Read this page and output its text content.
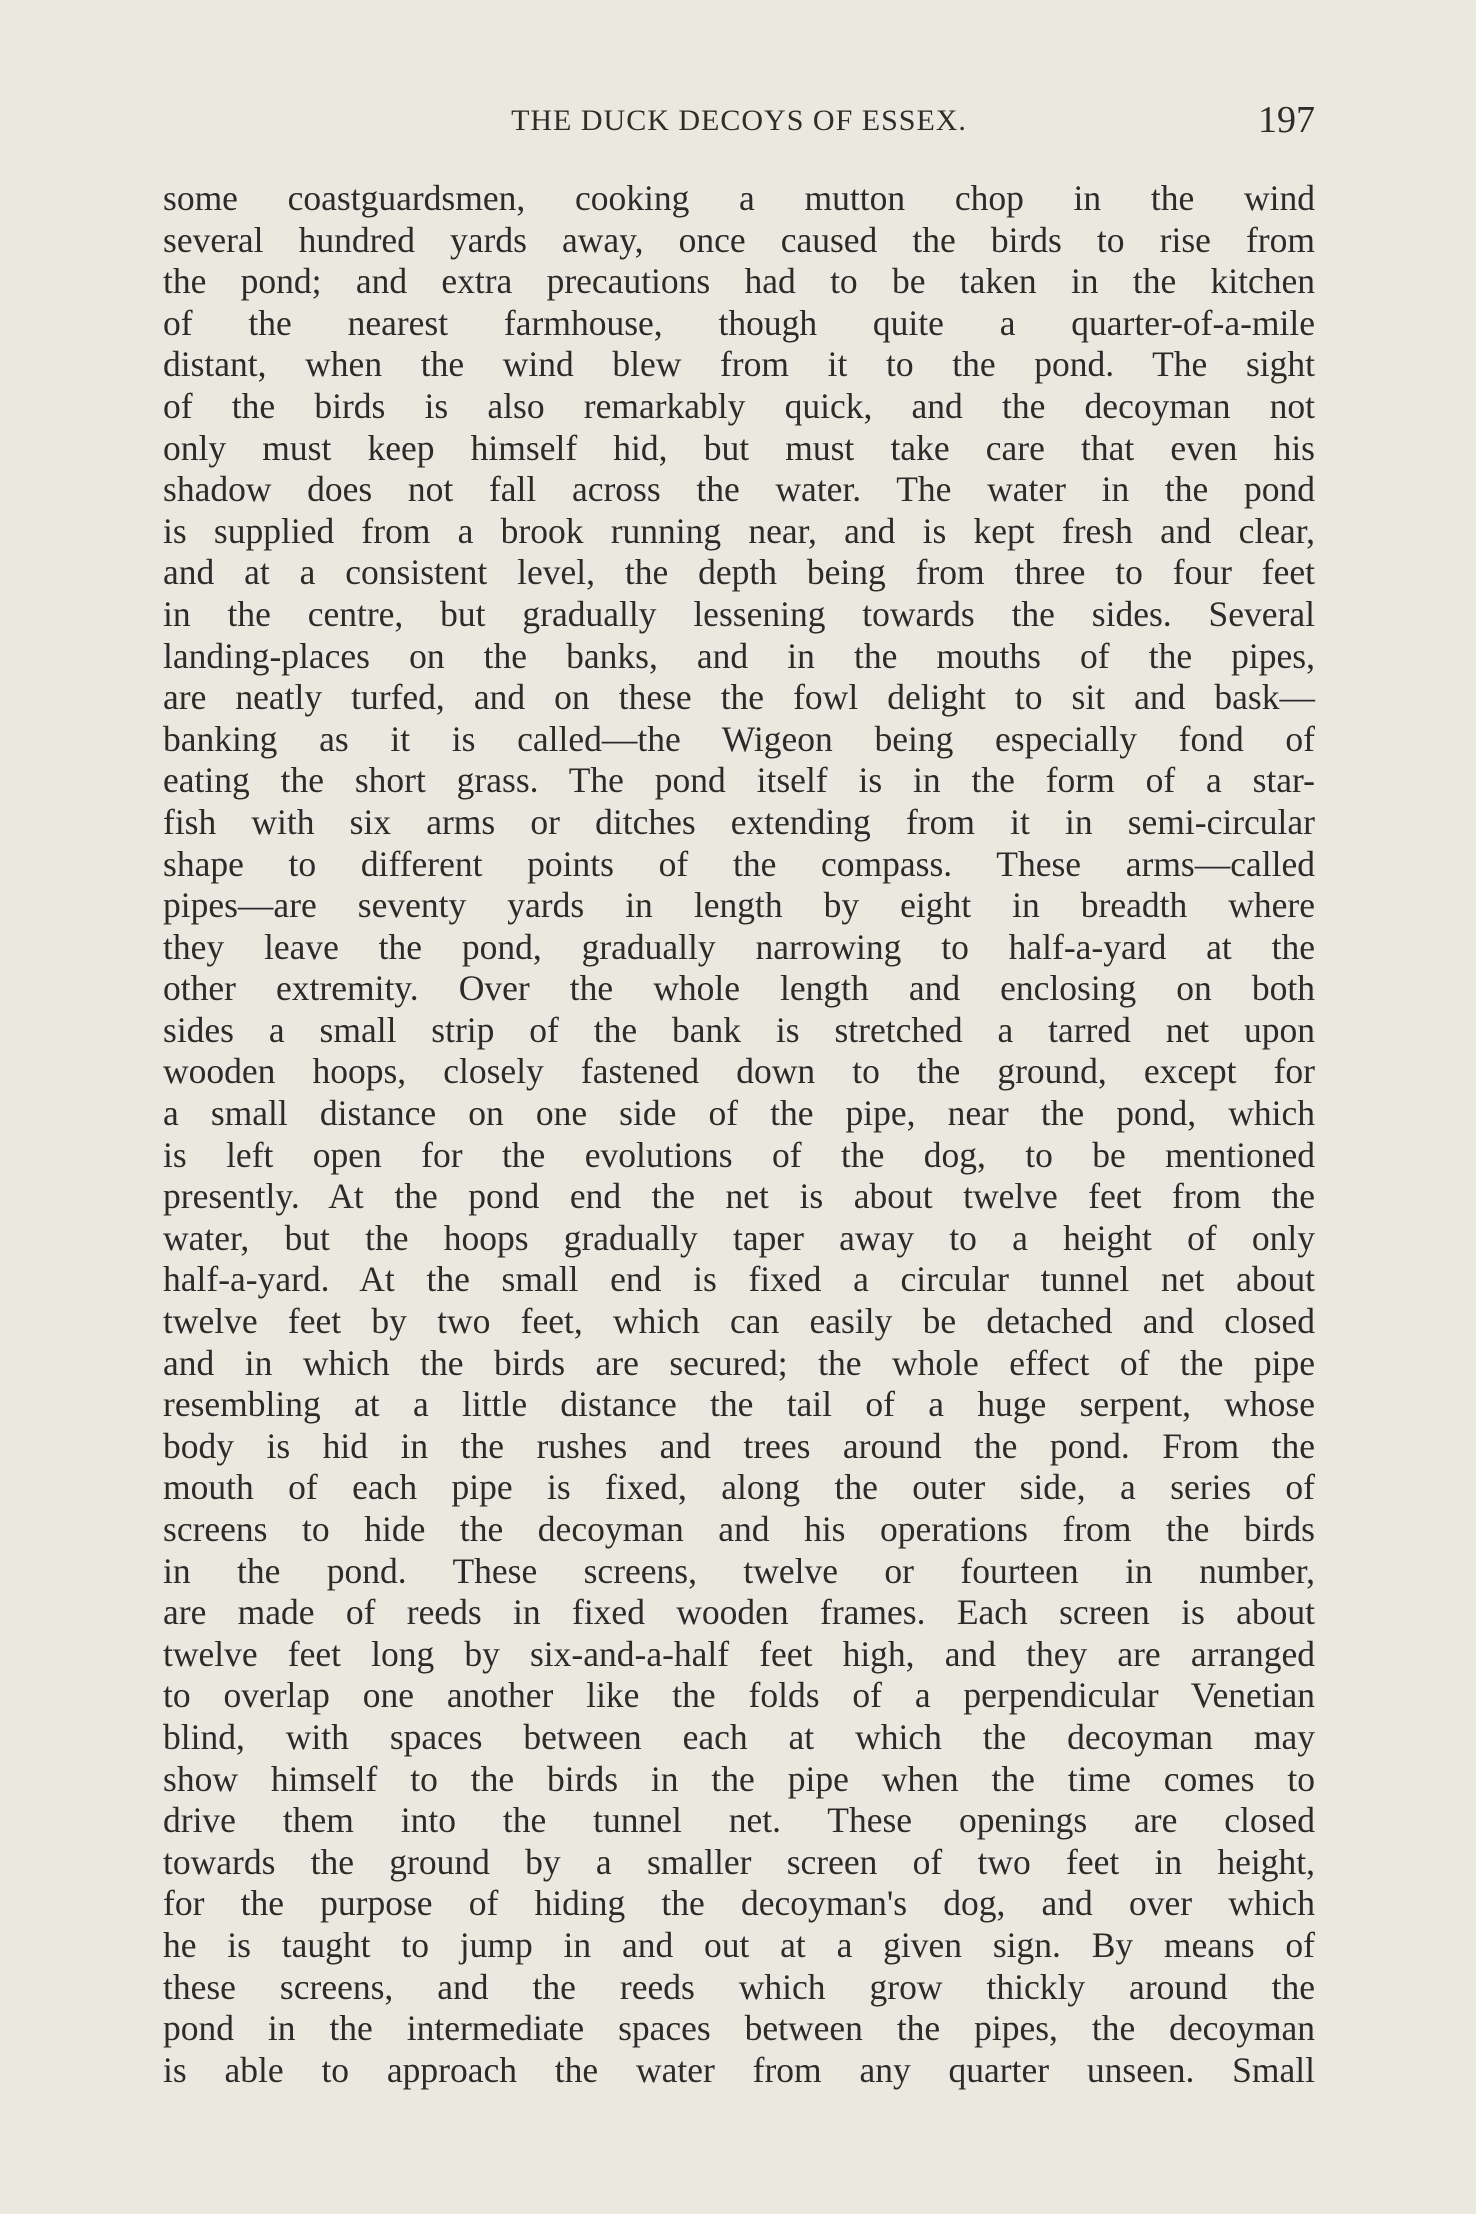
THE DUCK DECOYS OF ESSEX.	197
some coastguardsmen, cooking a mutton chop in the wind
several hundred yards away, once caused the birds to rise from
the pond; and extra precautions had to be taken in the kitchen
of the nearest farmhouse, though quite a quarter-of-a-mile
distant, when the wind blew from it to the pond. The sight
of the birds is also remarkably quick, and the decoyman not
only must keep himself hid, but must take care that even his
shadow does not fall across the water. The water in the pond
is supplied from a brook running near, and is kept fresh and clear,
and at a consistent level, the depth being from three to four feet
in the centre, but gradually lessening towards the sides. Several
landing-places on the banks, and in the mouths of the pipes,
are neatly turfed, and on these the fowl delight to sit and bask—
banking as it is called—the Wigeon being especially fond of
eating the short grass. The pond itself is in the form of a star-
fish with six arms or ditches extending from it in semi-circular
shape to different points of the compass. These arms—called
pipes—are seventy yards in length by eight in breadth where
they leave the pond, gradually narrowing to half-a-yard at the
other extremity. Over the whole length and enclosing on both
sides a small strip of the bank is stretched a tarred net upon
wooden hoops, closely fastened down to the ground, except for
a small distance on one side of the pipe, near the pond, which
is left open for the evolutions of the dog, to be mentioned
presently. At the pond end the net is about twelve feet from the
water, but the hoops gradually taper away to a height of only
half-a-yard. At the small end is fixed a circular tunnel net about
twelve feet by two feet, which can easily be detached and closed
and in which the birds are secured; the whole effect of the pipe
resembling at a little distance the tail of a huge serpent, whose
body is hid in the rushes and trees around the pond. From the
mouth of each pipe is fixed, along the outer side, a series of
screens to hide the decoyman and his operations from the birds
in the pond. These screens, twelve or fourteen in number,
are made of reeds in fixed wooden frames. Each screen is about
twelve feet long by six-and-a-half feet high, and they are arranged
to overlap one another like the folds of a perpendicular Venetian
blind, with spaces between each at which the decoyman may
show himself to the birds in the pipe when the time comes to
drive them into the tunnel net. These openings are closed
towards the ground by a smaller screen of two feet in height,
for the purpose of hiding the decoyman's dog, and over which
he is taught to jump in and out at a given sign. By means of
these screens, and the reeds which grow thickly around the
pond in the intermediate spaces between the pipes, the decoyman
is able to approach the water from any quarter unseen. Small
